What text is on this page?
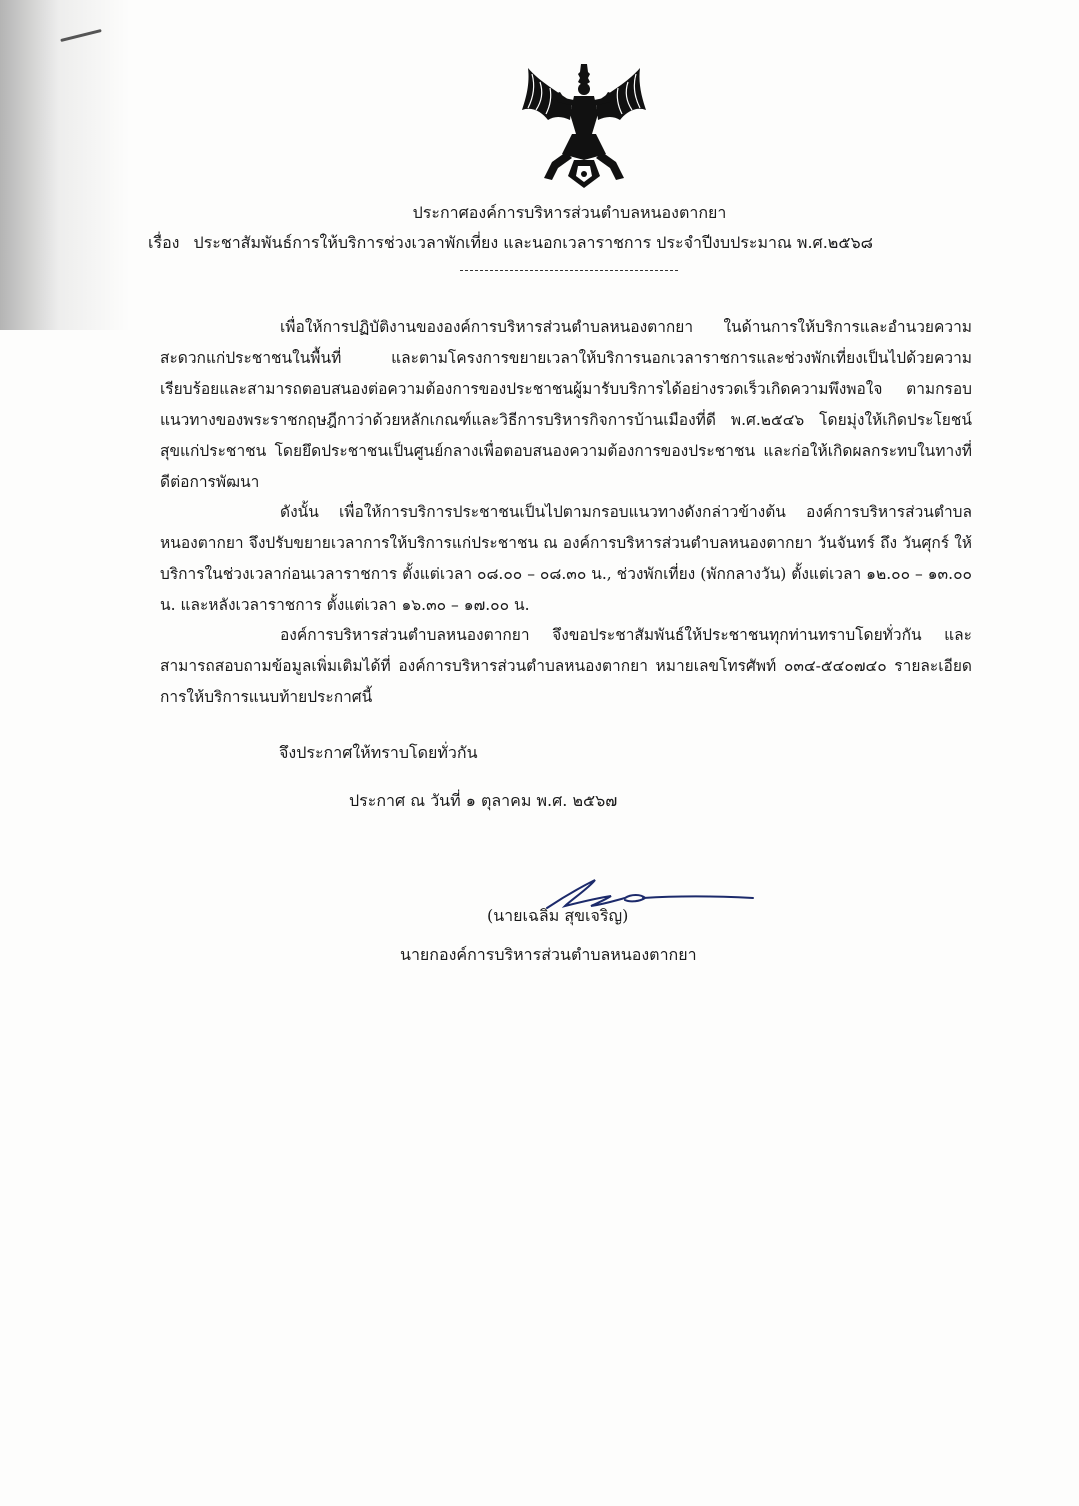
ประกาศองค์การบริหารส่วนตำบลหนองตากยา
เรื่อง ประชาสัมพันธ์การให้บริการช่วงเวลาพักเที่ยง และนอกเวลาราชการ ประจำปีงบประมาณ พ.ศ.๒๕๖๘
เพื่อให้การปฏิบัติงานขององค์การบริหารส่วนตำบลหนองตากยา ในด้านการให้บริการและอำนวยความสะดวกแก่ประชาชนในพื้นที่ และตามโครงการขยายเวลาให้บริการนอกเวลาราชการและช่วงพักเที่ยงเป็นไปด้วยความเรียบร้อยและสามารถตอบสนองต่อความต้องการของประชาชนผู้มารับบริการได้อย่างรวดเร็วเกิดความพึงพอใจ ตามกรอบแนวทางของพระราชกฤษฎีกาว่าด้วยหลักเกณฑ์และวิธีการบริหารกิจการบ้านเมืองที่ดี พ.ศ.๒๕๔๖ โดยมุ่งให้เกิดประโยชน์สุขแก่ประชาชน โดยยึดประชาชนเป็นศูนย์กลางเพื่อตอบสนองความต้องการของประชาชน และก่อให้เกิดผลกระทบในทางที่ดีต่อการพัฒนา
ดังนั้น เพื่อให้การบริการประชาชนเป็นไปตามกรอบแนวทางดังกล่าวข้างต้น องค์การบริหารส่วนตำบลหนองตากยา จึงปรับขยายเวลาการให้บริการแก่ประชาชน ณ องค์การบริหารส่วนตำบลหนองตากยา วันจันทร์ ถึง วันศุกร์ ให้บริการในช่วงเวลาก่อนเวลาราชการ ตั้งแต่เวลา ๐๘.๐๐ – ๐๘.๓๐ น., ช่วงพักเที่ยง (พักกลางวัน) ตั้งแต่เวลา ๑๒.๐๐ – ๑๓.๐๐ น. และหลังเวลาราชการ ตั้งแต่เวลา ๑๖.๓๐ – ๑๗.๐๐ น.
องค์การบริหารส่วนตำบลหนองตากยา จึงขอประชาสัมพันธ์ให้ประชาชนทุกท่านทราบโดยทั่วกัน และสามารถสอบถามข้อมูลเพิ่มเติมได้ที่ องค์การบริหารส่วนตำบลหนองตากยา หมายเลขโทรศัพท์ ๐๓๔-๕๔๐๗๔๐ รายละเอียดการให้บริการแนบท้ายประกาศนี้
จึงประกาศให้ทราบโดยทั่วกัน
ประกาศ ณ วันที่ ๑ ตุลาคม พ.ศ. ๒๕๖๗
(นายเฉลิม สุขเจริญ)
นายกองค์การบริหารส่วนตำบลหนองตากยา
